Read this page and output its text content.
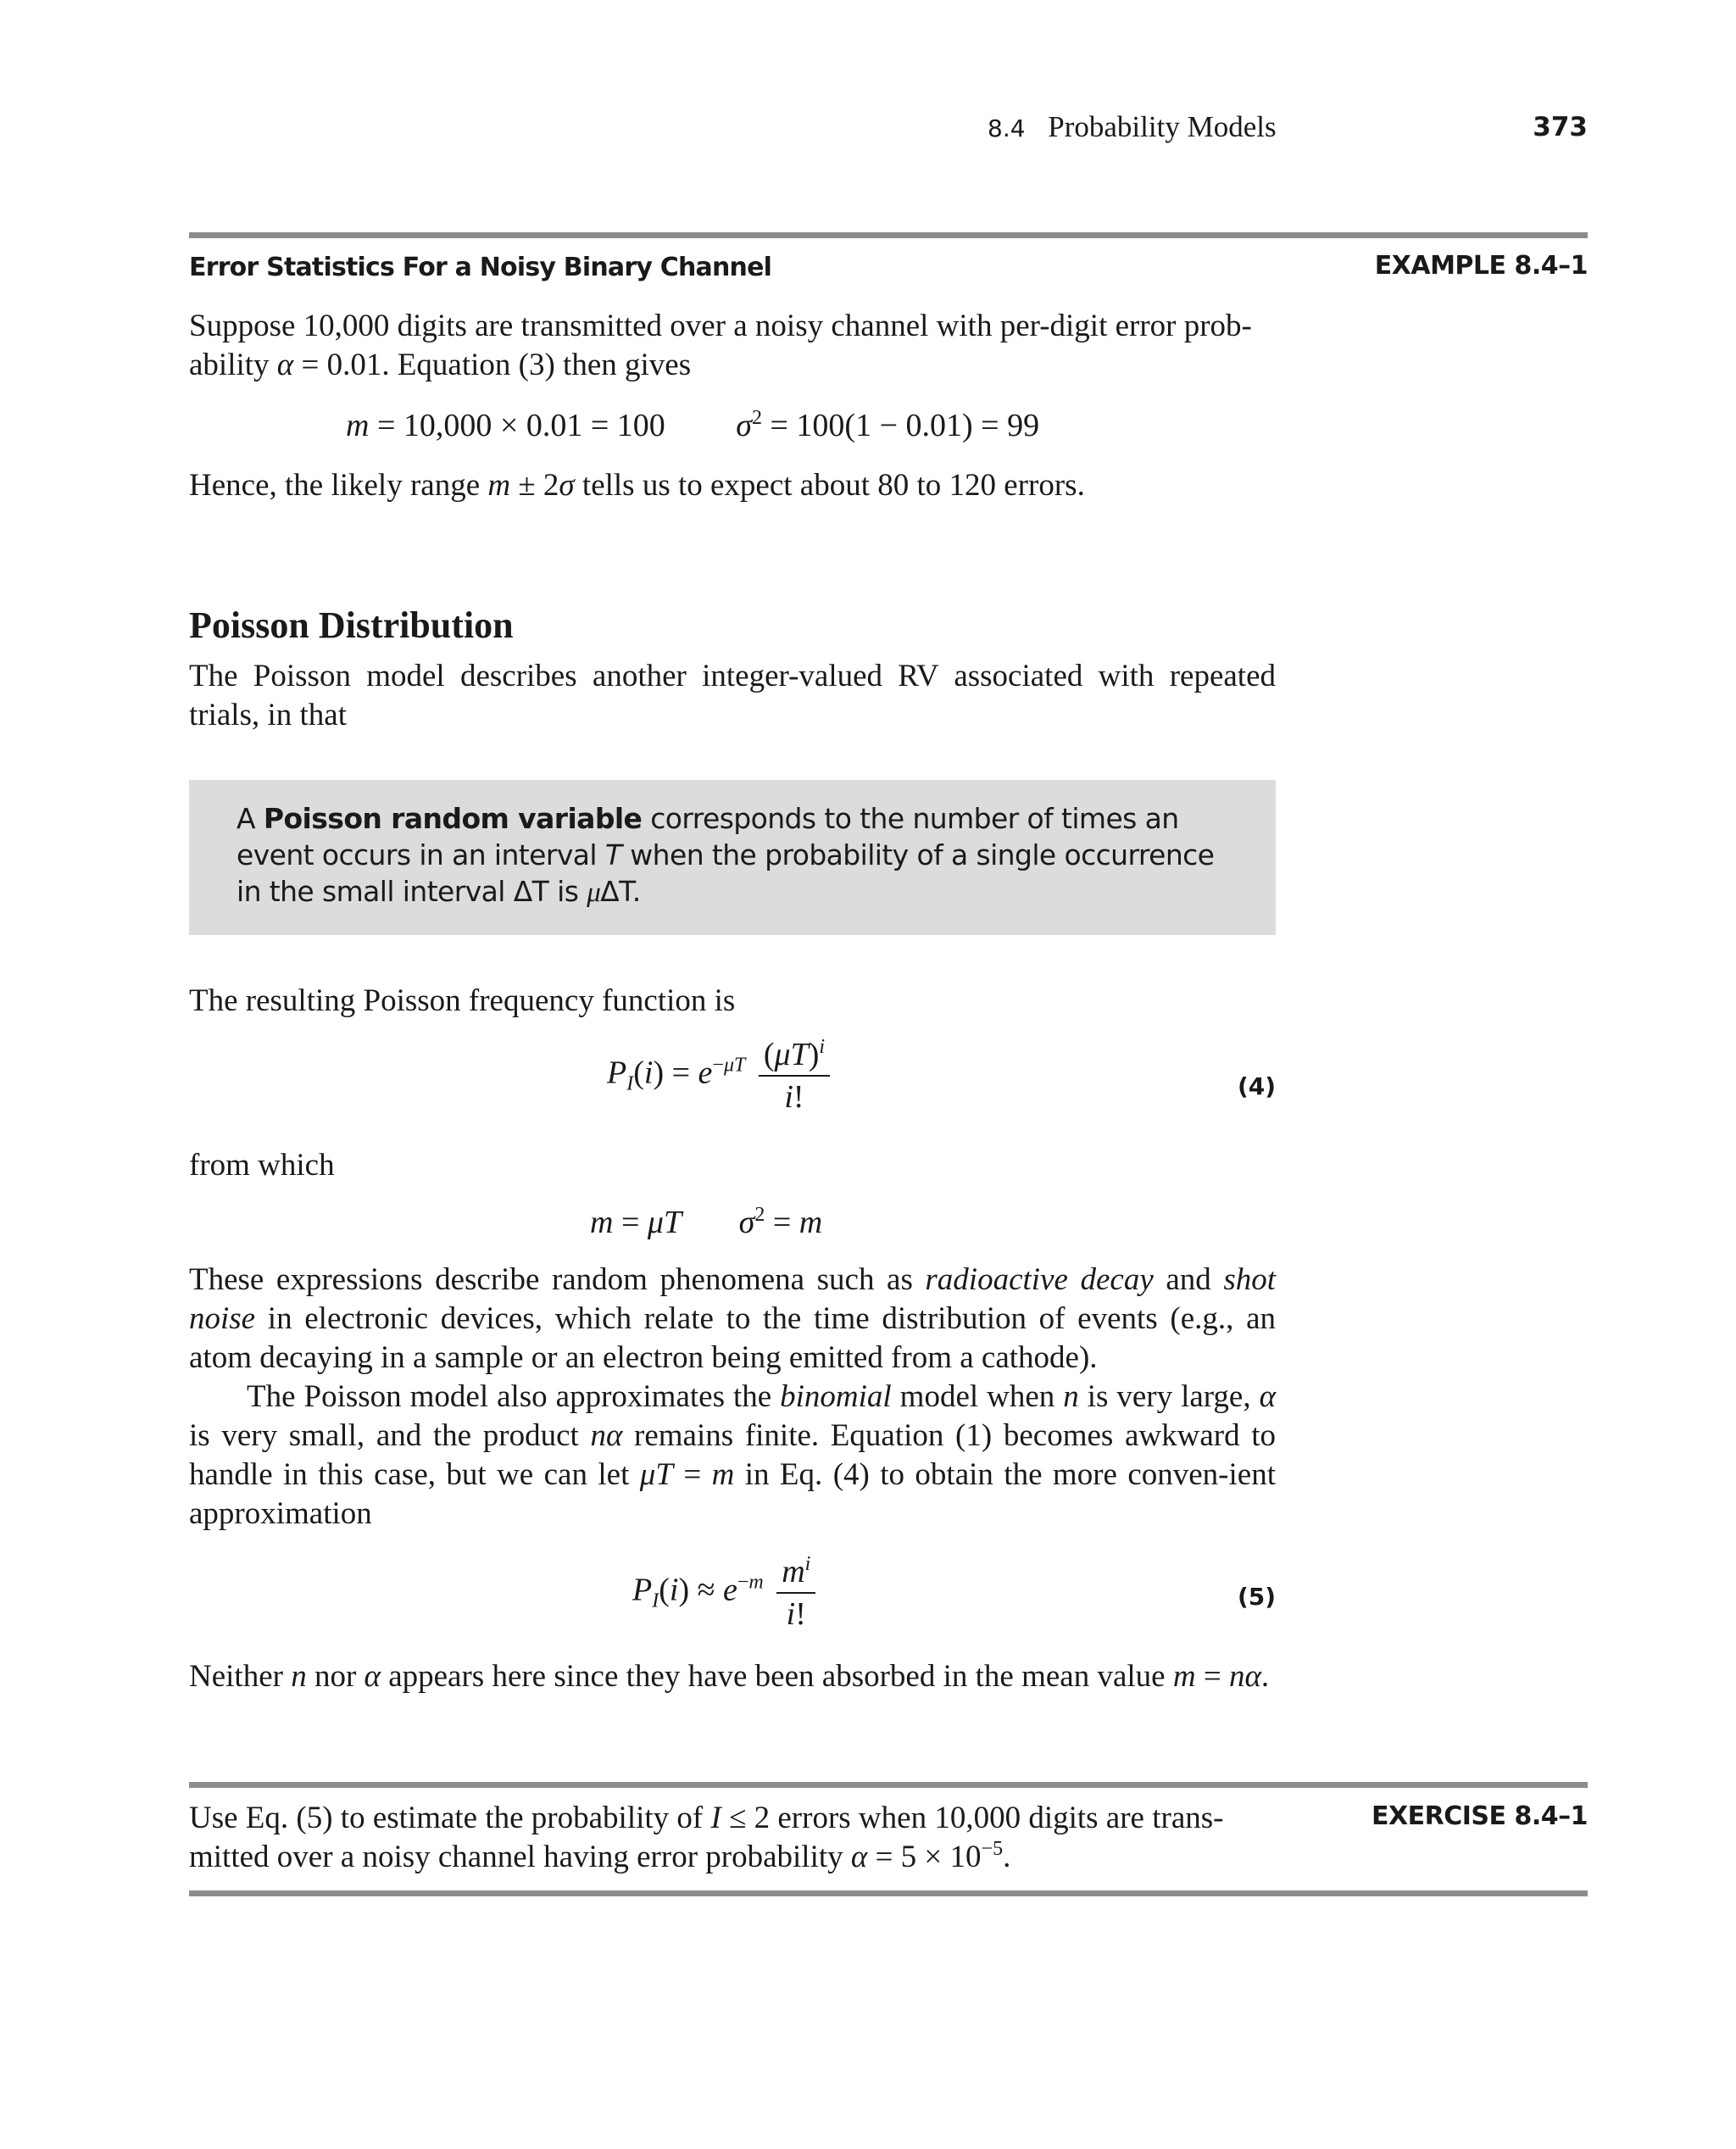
8.4 Probability Models	373
Error Statistics For a Noisy Binary Channel	EXAMPLE 8.4–1
Suppose 10,000 digits are transmitted over a noisy channel with per-digit error prob-
ability α = 0.01. Equation (3) then gives
m = 10,000 × 0.01 = 100 $\sigma^2 = 100(1 - 0.01) = 99$
Hence, the likely range m ± 2σ tells us to expect about 80 to 120 errors.
Poisson Distribution
The Poisson model describes another integer-valued RV associated with repeated trials, in that
A Poisson random variable corresponds to the number of times an event occurs in an interval T when the probability of a single occurrence in the small interval ΔT is μΔT.
The resulting Poisson frequency function is
$P_I(i) = e^{-\mu T} \frac{(\mu T)^i}{i!}$	(4)
from which
m = μT $\sigma^2 = m$
These expressions describe random phenomena such as radioactive decay and shot noise in electronic devices, which relate to the time distribution of events (e.g., an atom decaying in a sample or an electron being emitted from a cathode).
The Poisson model also approximates the binomial model when n is very large, α is very small, and the product nα remains finite. Equation (1) becomes awkward to handle in this case, but we can let μT = m in Eq. (4) to obtain the more conven-ient approximation
$P_I(i) \approx e^{-m} \frac{m^i}{i!}$	(5)
Neither n nor α appears here since they have been absorbed in the mean value m = nα.
EXERCISE 8.4–1
Use Eq. (5) to estimate the probability of I ≤ 2 errors when 10,000 digits are trans-
mitted over a noisy channel having error probability $\alpha = 5 \times 10^{-5}$.
